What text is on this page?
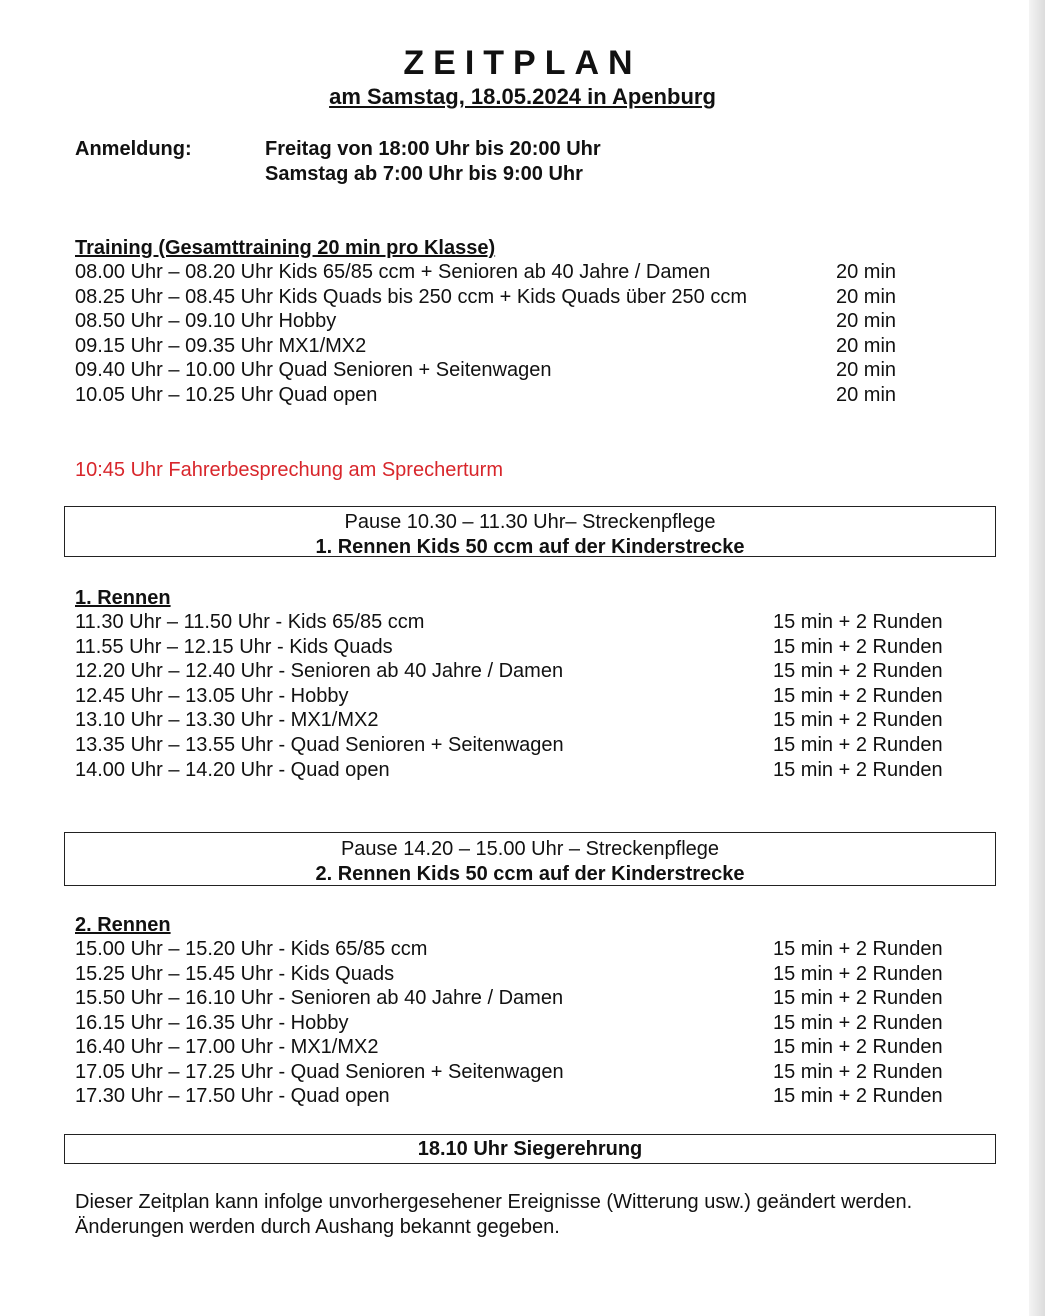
ZEITPLAN
am Samstag, 18.05.2024 in Apenburg
Anmeldung:	Freitag von 18:00 Uhr bis 20:00 Uhr
Samstag ab 7:00 Uhr bis 9:00 Uhr
Training (Gesamttraining 20 min pro Klasse)
08.00 Uhr – 08.20 Uhr Kids 65/85 ccm + Senioren ab 40 Jahre / Damen	20 min
08.25 Uhr – 08.45 Uhr Kids Quads bis 250 ccm + Kids Quads über 250 ccm	20 min
08.50 Uhr – 09.10 Uhr Hobby	20 min
09.15 Uhr – 09.35 Uhr MX1/MX2	20 min
09.40 Uhr – 10.00 Uhr Quad Senioren + Seitenwagen	20 min
10.05 Uhr – 10.25 Uhr Quad open	20 min
10:45 Uhr Fahrerbesprechung am Sprecherturm
Pause 10.30 – 11.30 Uhr– Streckenpflege
1. Rennen Kids 50 ccm auf der Kinderstrecke
1. Rennen
11.30 Uhr – 11.50 Uhr - Kids 65/85 ccm	15 min + 2 Runden
11.55 Uhr – 12.15 Uhr - Kids Quads	15 min + 2 Runden
12.20 Uhr – 12.40 Uhr - Senioren ab 40 Jahre / Damen	15 min + 2 Runden
12.45 Uhr – 13.05 Uhr - Hobby	15 min + 2 Runden
13.10 Uhr – 13.30 Uhr - MX1/MX2	15 min + 2 Runden
13.35 Uhr – 13.55 Uhr - Quad Senioren + Seitenwagen	15 min + 2 Runden
14.00 Uhr – 14.20 Uhr - Quad open	15 min + 2 Runden
Pause 14.20 – 15.00 Uhr – Streckenpflege
2. Rennen Kids 50 ccm auf der Kinderstrecke
2. Rennen
15.00 Uhr – 15.20 Uhr - Kids 65/85 ccm	15 min + 2 Runden
15.25 Uhr – 15.45 Uhr - Kids Quads	15 min + 2 Runden
15.50 Uhr – 16.10 Uhr - Senioren ab 40 Jahre / Damen	15 min + 2 Runden
16.15 Uhr – 16.35 Uhr - Hobby	15 min + 2 Runden
16.40 Uhr – 17.00 Uhr - MX1/MX2	15 min + 2 Runden
17.05 Uhr – 17.25 Uhr - Quad Senioren + Seitenwagen	15 min + 2 Runden
17.30 Uhr – 17.50 Uhr - Quad open	15 min + 2 Runden
18.10 Uhr Siegerehrung
Dieser Zeitplan kann infolge unvorhergesehener Ereignisse (Witterung usw.) geändert werden.
Änderungen werden durch Aushang bekannt gegeben.
